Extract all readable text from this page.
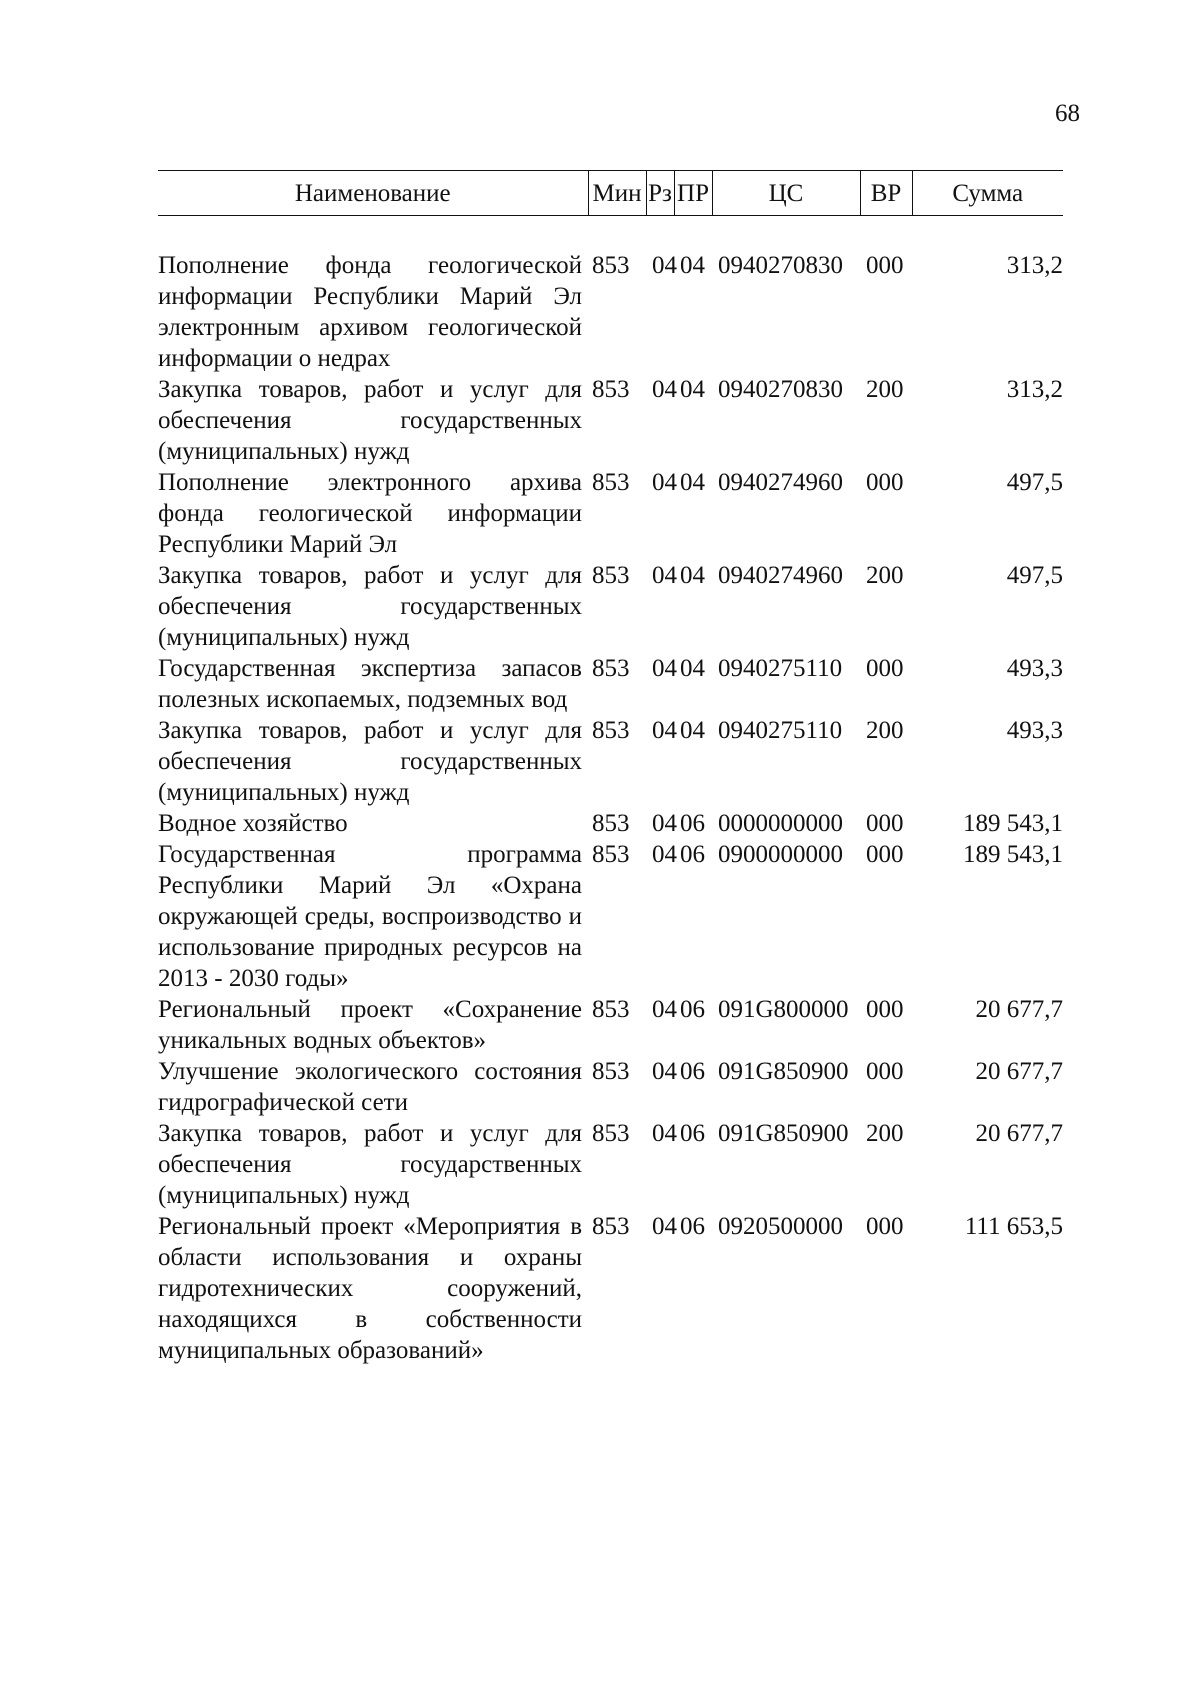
68
Наименование	Мин	Рз	ПР	ЦС	ВР	Сумма

Пополнение фонда геологической информации Республики Марий Эл электронным архивом геологической информации о недрах	853	04	04	0940270830	000	313,2
Закупка товаров, работ и услуг для обеспечения государственных (муниципальных) нужд	853	04	04	0940270830	200	313,2
Пополнение электронного архива фонда геологической информации Республики Марий Эл	853	04	04	0940274960	000	497,5
Закупка товаров, работ и услуг для обеспечения государственных (муниципальных) нужд	853	04	04	0940274960	200	497,5
Государственная экспертиза запасов полезных ископаемых, подземных вод	853	04	04	0940275110	000	493,3
Закупка товаров, работ и услуг для обеспечения государственных (муниципальных) нужд	853	04	04	0940275110	200	493,3
Водное хозяйство	853	04	06	0000000000	000	189 543,1
Государственная программа Республики Марий Эл «Охрана окружающей среды, воспроизводство и использование природных ресурсов на 2013 - 2030 годы»	853	04	06	0900000000	000	189 543,1
Региональный проект «Сохранение уникальных водных объектов»	853	04	06	091G800000	000	20 677,7
Улучшение экологического состояния гидрографической сети	853	04	06	091G850900	000	20 677,7
Закупка товаров, работ и услуг для обеспечения государственных (муниципальных) нужд	853	04	06	091G850900	200	20 677,7
Региональный проект «Мероприятия в области использования и охраны гидротехнических сооружений, находящихся в собственности муниципальных образований»	853	04	06	0920500000	000	111 653,5
